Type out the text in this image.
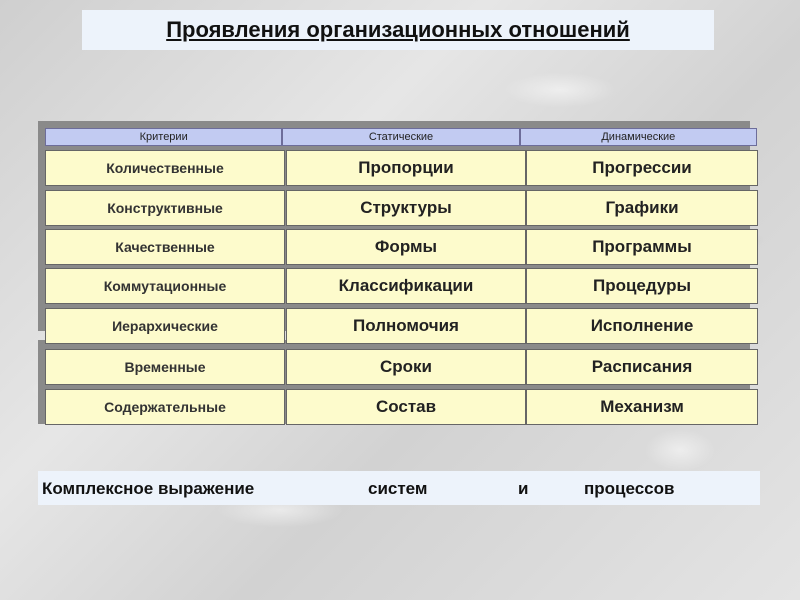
Проявления организационных отношений
Критерии	Статические	Динамические
Количественные	Пропорции	Прогрессии
Конструктивные	Структуры	Графики
Качественные	Формы	Программы
Коммутационные	Классификации	Процедуры
Иерархические	Полномочия	Исполнение
Временные	Сроки	Расписания
Содержательные	Состав	Механизм
Комплексное выражение	систем	и	процессов
